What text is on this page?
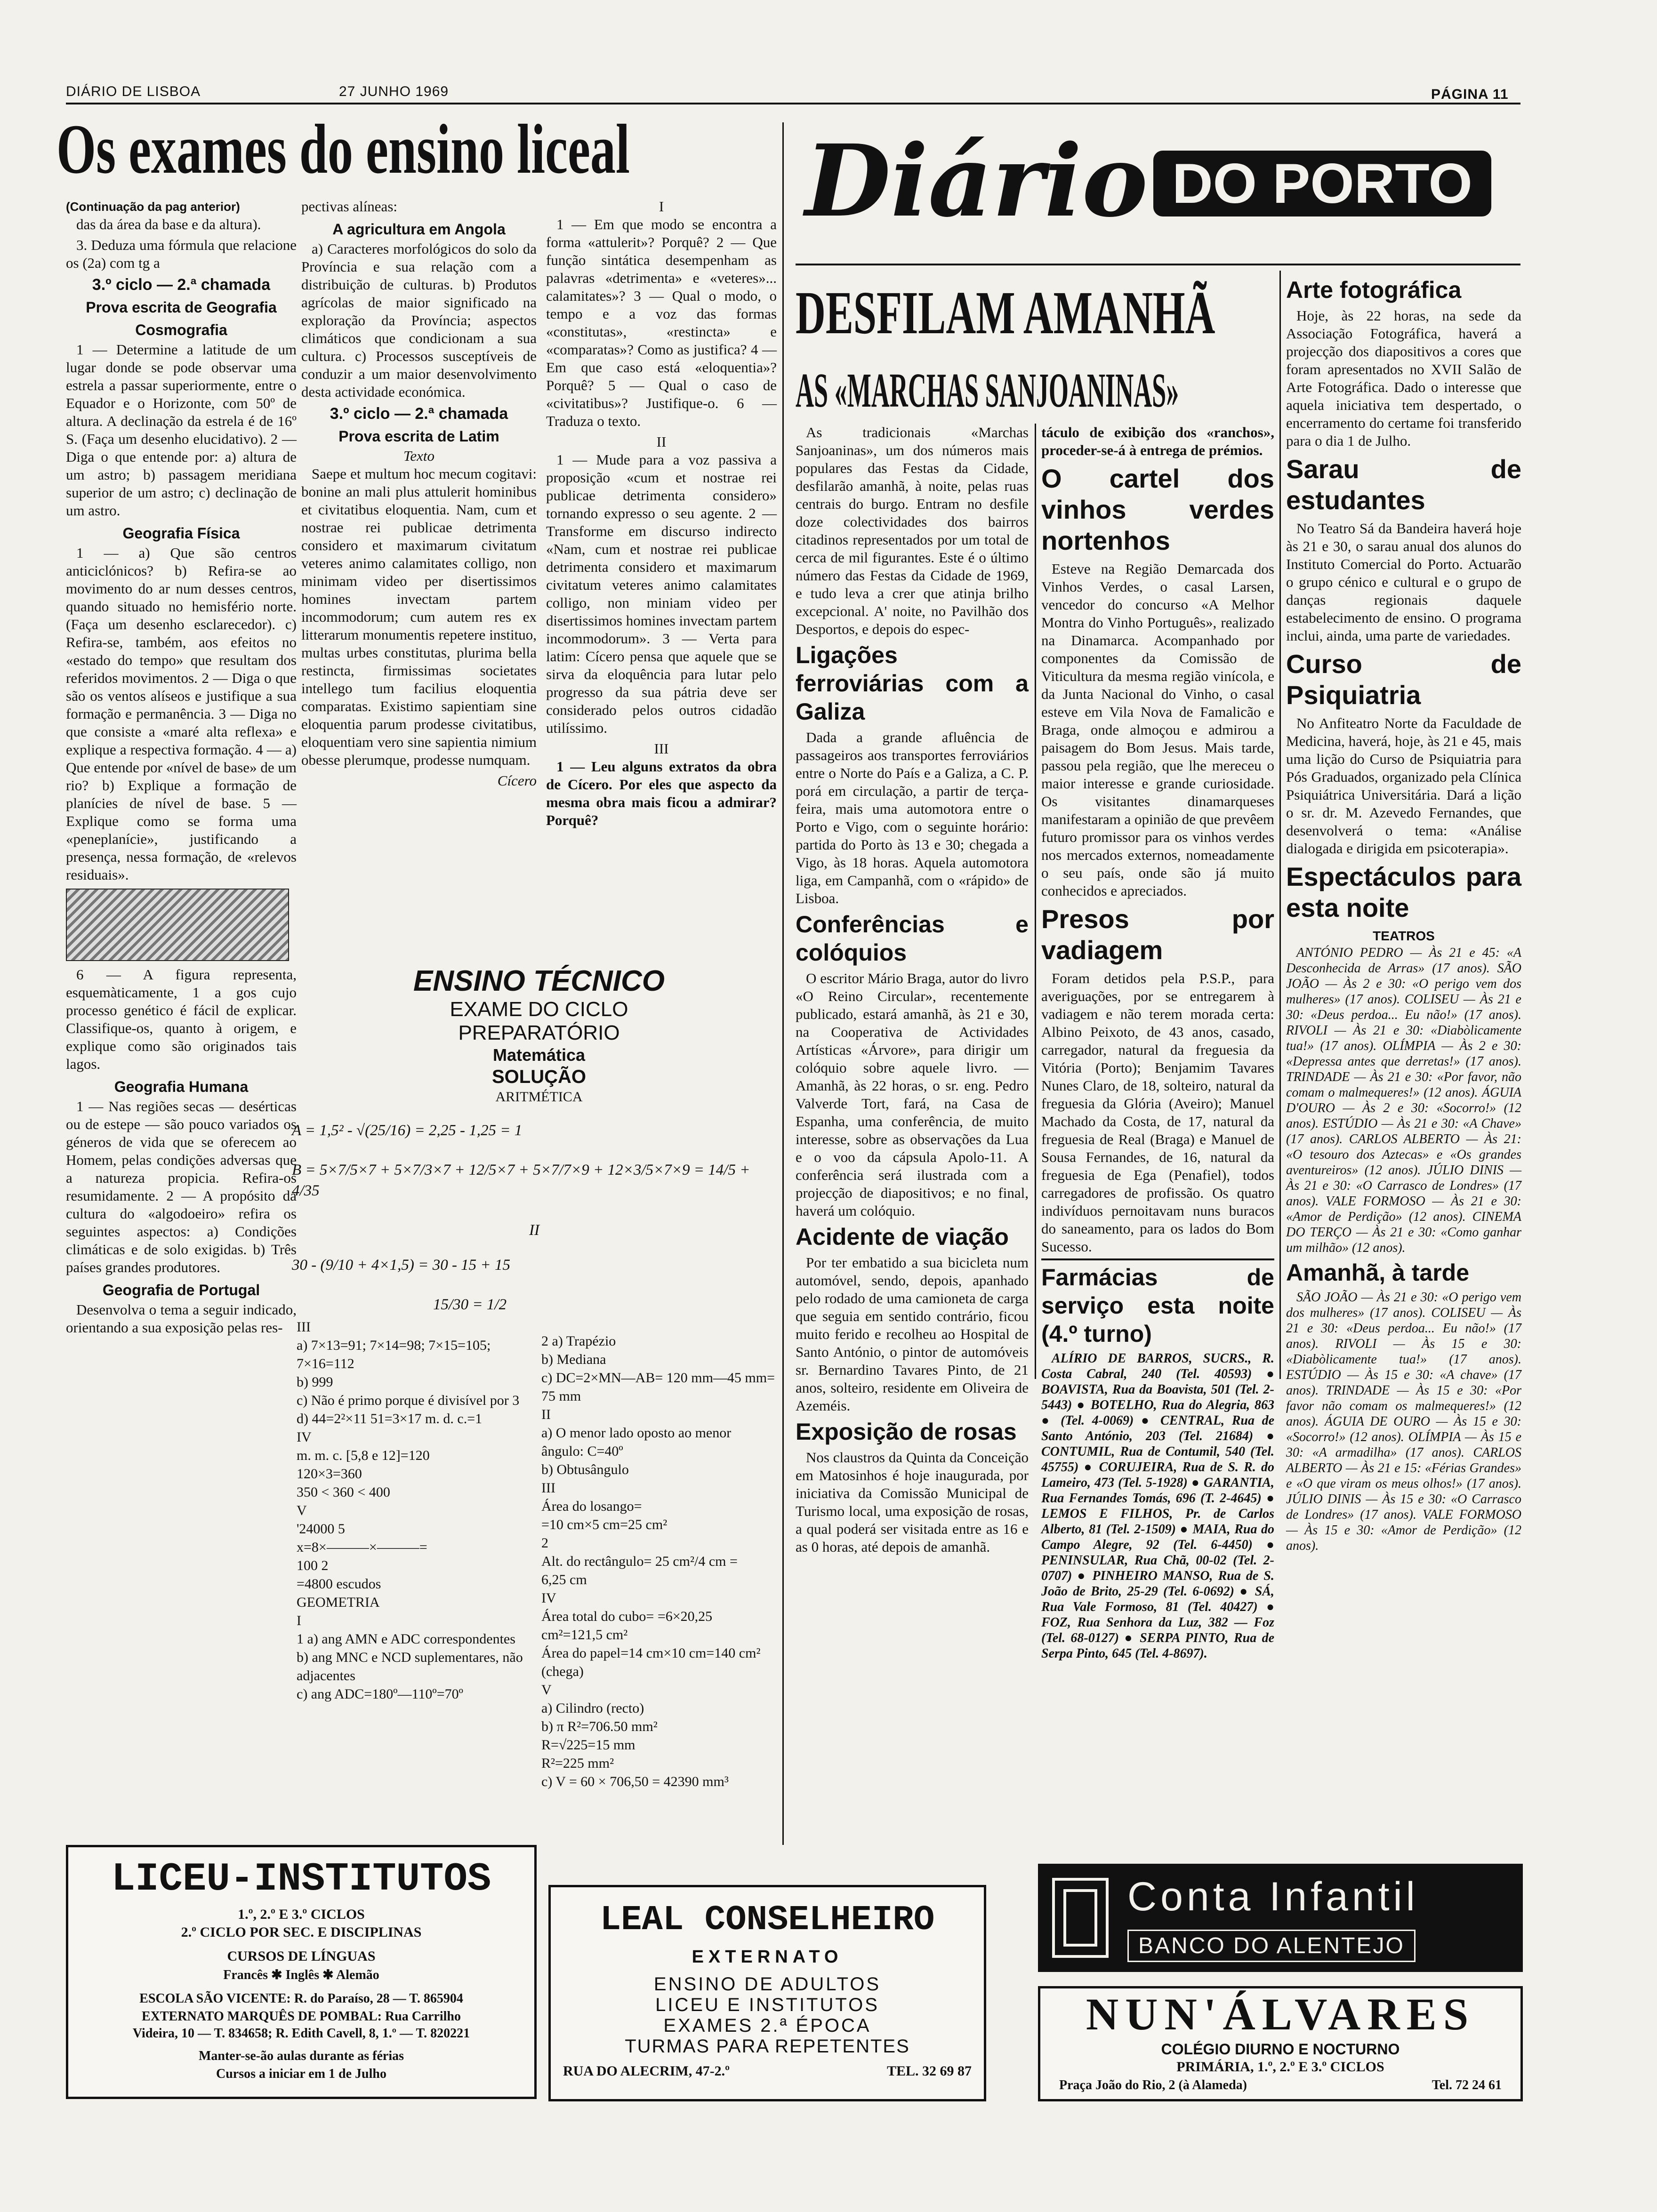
DIÁRIO DE LISBOA	27 JUNHO 1969	PÁGINA 11
Os exames do ensino liceal
(Continuação da pag anterior)

das da área da base e da altura).

3. Deduza uma fórmula que relacione os (2a) com tg a

3.º ciclo — 2.ª chamada
Prova escrita de Geografia
Cosmografia

1 — Determine a latitude de um lugar donde se pode observar uma estrela a passar superiormente, entre o Equador e o Horizonte, com 50º de altura. A declinação da estrela é de 16º S. (Faça um desenho elucidativo). 2 — Diga o que entende por: a) altura de um astro; b) passagem meridiana superior de um astro; c) declinação de um astro.

Geografia Física

1 — a) Que são centros anticiclónicos? b) Refira-se ao movimento do ar num desses centros, quando situado no hemisfério norte. (Faça um desenho esclarecedor). c) Refira-se, também, aos efeitos no «estado do tempo» que resultam dos referidos movimentos. 2 — Diga o que são os ventos alíseos e justifique a sua formação e permanência. 3 — Diga no que consiste a «maré alta reflexa» e explique a respectiva formação. 4 — a) Que entende por «nível de base» de um rio? b) Explique a formação de planícies de nível de base. 5 — Explique como se forma uma «peneplanície», justificando a presença, nessa formação, de «relevos residuais».

6 — A figura representa, esquemàticamente, 1 a gos cujo processo genético é fácil de explicar. Classifique-os, quanto à origem, e explique como são originados tais lagos.

Geografia Humana

1 — Nas regiões secas — desérticas ou de estepe — são pouco variados os géneros de vida que se oferecem ao Homem, pelas condições adversas que a natureza propicia. Refira-os resumidamente. 2 — A propósito da cultura do «algodoeiro» refira os seguintes aspectos: a) Condições climáticas e de solo exigidas. b) Três países grandes produtores.

Geografia de Portugal

Desenvolva o tema a seguir indicado, orientando a sua exposição pelas res-

pectivas alíneas:

A agricultura em Angola

a) Caracteres morfológicos do solo da Província e sua relação com a distribuição de culturas. b) Produtos agrícolas de maior significado na exploração da Província; aspectos climáticos que condicionam a sua cultura. c) Processos susceptíveis de conduzir a um maior desenvolvimento desta actividade económica.

3.º ciclo — 2.ª chamada
Prova escrita de Latim
Texto

Saepe et multum hoc mecum cogitavi: bonine an mali plus attulerit hominibus et civitatibus eloquentia. Nam, cum et nostrae rei publicae detrimenta considero et maximarum civitatum veteres animo calamitates colligo, non minimam video per disertissimos homines invectam partem incommodorum; cum autem res ex litterarum monumentis repetere instituo, multas urbes constitutas, plurima bella restincta, firmissimas societates intellego tum facilius eloquentia comparatas. Existimo sapientiam sine eloquentia parum prodesse civitatibus, eloquentiam vero sine sapientia nimium obesse plerumque, prodesse numquam.

Cícero
I

1 — Em que modo se encontra a forma «attulerit»? Porquê? 2 — Que função sintática desempenham as palavras «detrimenta» e «veteres»... calamitates»? 3 — Qual o modo, o tempo e a voz das formas «constitutas», «restincta» e «comparatas»? Como as justifica? 4 — Em que caso está «eloquentia»? Porquê? 5 — Qual o caso de «civitatibus»? Justifique-o. 6 — Traduza o texto.

II

1 — Mude para a voz passiva a proposição «cum et nostrae rei publicae detrimenta considero» tornando expresso o seu agente. 2 — Transforme em discurso indirecto «Nam, cum et nostrae rei publicae detrimenta considero et maximarum civitatum veteres animo calamitates colligo, non miniam video per disertissimos homines invectam partem incommodorum». 3 — Verta para latim: Cícero pensa que aquele que se sirva da eloquência para lutar pelo progresso da sua pátria deve ser considerado pelos outros cidadão utilíssimo.

III

1 — Leu alguns extratos da obra de Cícero. Por eles que aspecto da mesma obra mais ficou a admirar? Porquê?

ENSINO TÉCNICO
EXAME DO CICLO
PREPARATÓRIO
Matemática
SOLUÇÃO
ARITMÉTICA
A = 1,5² - √(25/16) = 2,25 - 1,25 = 1
B = 5×7/5×7 + 5×7/3×7 + 12/5×7 + 5×7/7×9 + 12×3/5×7×9 = 14/5 + 4/35
II
30 - (9/10 + 4×1,5) = 30 - 15 + 15
15/30 = 1/2
III
a) 7×13=91; 7×14=98; 7×15=105; 7×16=112
b) 999
c) Não é primo porque é divisível por 3
d) 44=2²×11 51=3×17 m. d. c.=1
IV
m. m. c. [5,8 e 12]=120
120×3=360
350 < 360 < 400
V
'24000 5
x=8×———×———=
100 2
=4800 escudos
GEOMETRIA
I
1 a) ang AMN e ADC correspondentes
b) ang MNC e NCD suplementares, não adjacentes
c) ang ADC=180º—110º=70º
2 a) Trapézio
b) Mediana
c) DC=2×MN—AB= 120 mm—45 mm= 75 mm
II
a) O menor lado oposto ao menor ângulo: C=40º
b) Obtusângulo
III
Área do losango=
=10 cm×5 cm=25 cm²
2
Alt. do rectângulo= 25 cm²/4 cm =
6,25 cm
IV
Área total do cubo= =6×20,25 cm²=121,5 cm²
Área do papel=14 cm×10 cm=140 cm² (chega)
V
a) Cilindro (recto)
b) π R²=706.50 mm²
R=√225=15 mm
R²=225 mm²
c) V = 60 × 706,50 = 42390 mm³
LICEU-INSTITUTOS
1.º, 2.º E 3.º CICLOS
2.º CICLO POR SEC. E DISCIPLINAS
CURSOS DE LÍNGUAS
Francês ✱ Inglês ✱ Alemão
ESCOLA SÃO VICENTE: R. do Paraíso, 28 — T. 865904
EXTERNATO MARQUÊS DE POMBAL: Rua Carrilho
Videira, 10 — T. 834658; R. Edith Cavell, 8, 1.º — T. 820221
Manter-se-ão aulas durante as férias
Cursos a iniciar em 1 de Julho
LEAL CONSELHEIRO
EXTERNATO
ENSINO DE ADULTOS
LICEU E INSTITUTOS
EXAMES 2.ª ÉPOCA
TURMAS PARA REPETENTES
RUA DO ALECRIM, 47-2.º	TEL. 32 69 87
Diário DO PORTO
DESFILAM AMANHÃ
AS «MARCHAS SANJOANINAS»

As tradicionais «Marchas Sanjoaninas», um dos números mais populares das Festas da Cidade, desfilarão amanhã, à noite, pelas ruas centrais do burgo. Entram no desfile doze colectividades dos bairros citadinos representados por um total de cerca de mil figurantes. Este é o último número das Festas da Cidade de 1969, e tudo leva a crer que atinja brilho excepcional. A' noite, no Pavilhão dos Desportos, e depois do espec-

Ligações ferroviárias com a Galiza

Dada a grande afluência de passageiros aos transportes ferroviários entre o Norte do País e a Galiza, a C. P. porá em circulação, a partir de terça-feira, mais uma automotora entre o Porto e Vigo, com o seguinte horário: partida do Porto às 13 e 30; chegada a Vigo, às 18 horas. Aquela automotora liga, em Campanhã, com o «rápido» de Lisboa.

Conferências e colóquios

O escritor Mário Braga, autor do livro «O Reino Circular», recentemente publicado, estará amanhã, às 21 e 30, na Cooperativa de Actividades Artísticas «Árvore», para dirigir um colóquio sobre aquele livro. — Amanhã, às 22 horas, o sr. eng. Pedro Valverde Tort, fará, na Casa de Espanha, uma conferência, de muito interesse, sobre as observações da Lua e o voo da cápsula Apolo-11. A conferência será ilustrada com a projecção de diapositivos; e no final, haverá um colóquio.

Acidente de viação

Por ter embatido a sua bicicleta num automóvel, sendo, depois, apanhado pelo rodado de uma camioneta de carga que seguia em sentido contrário, ficou muito ferido e recolheu ao Hospital de Santo António, o pintor de automóveis sr. Bernardino Tavares Pinto, de 21 anos, solteiro, residente em Oliveira de Azeméis.

Exposição de rosas

Nos claustros da Quinta da Conceição em Matosinhos é hoje inaugurada, por iniciativa da Comissão Municipal de Turismo local, uma exposição de rosas, a qual poderá ser visitada entre as 16 e as 0 horas, até depois de amanhã.

táculo de exibição dos «ranchos», proceder-se-á à entrega de prémios.

O cartel dos vinhos verdes nortenhos

Esteve na Região Demarcada dos Vinhos Verdes, o casal Larsen, vencedor do concurso «A Melhor Montra do Vinho Português», realizado na Dinamarca. Acompanhado por componentes da Comissão de Viticultura da mesma região vinícola, e da Junta Nacional do Vinho, o casal esteve em Vila Nova de Famalicão e Braga, onde almoçou e admirou a paisagem do Bom Jesus. Mais tarde, passou pela região, que lhe mereceu o maior interesse e grande curiosidade. Os visitantes dinamarqueses manifestaram a opinião de que prevêem futuro promissor para os vinhos verdes nos mercados externos, nomeadamente o seu país, onde são já muito conhecidos e apreciados.

Presos por vadiagem

Foram detidos pela P.S.P., para averiguações, por se entregarem à vadiagem e não terem morada certa: Albino Peixoto, de 43 anos, casado, carregador, natural da freguesia da Vitória (Porto); Benjamim Tavares Nunes Claro, de 18, solteiro, natural da freguesia da Glória (Aveiro); Manuel Machado da Costa, de 17, natural da freguesia de Real (Braga) e Manuel de Sousa Fernandes, de 16, natural da freguesia de Ega (Penafiel), todos carregadores de profissão. Os quatro indivíduos pernoitavam nuns buracos do saneamento, para os lados do Bom Sucesso.

Farmácias de serviço esta noite (4.º turno)

ALÍRIO DE BARROS, SUCRS., R. Costa Cabral, 240 (Tel. 40593) ● BOAVISTA, Rua da Boavista, 501 (Tel. 2-5443) ● BOTELHO, Rua do Alegria, 863 ● (Tel. 4-0069) ● CENTRAL, Rua de Santo António, 203 (Tel. 21684) ● CONTUMIL, Rua de Contumil, 540 (Tel. 45755) ● CORUJEIRA, Rua de S. R. do Lameiro, 473 (Tel. 5-1928) ● GARANTIA, Rua Fernandes Tomás, 696 (T. 2-4645) ● LEMOS E FILHOS, Pr. de Carlos Alberto, 81 (Tel. 2-1509) ● MAIA, Rua do Campo Alegre, 92 (Tel. 6-4450) ● PENINSULAR, Rua Chã, 00-02 (Tel. 2-0707) ● PINHEIRO MANSO, Rua de S. João de Brito, 25-29 (Tel. 6-0692) ● SÁ, Rua Vale Formoso, 81 (Tel. 40427) ● FOZ, Rua Senhora da Luz, 382 — Foz (Tel. 68-0127) ● SERPA PINTO, Rua de Serpa Pinto, 645 (Tel. 4-8697).

Arte fotográfica

Hoje, às 22 horas, na sede da Associação Fotográfica, haverá a projecção dos diapositivos a cores que foram apresentados no XVII Salão de Arte Fotográfica. Dado o interesse que aquela iniciativa tem despertado, o encerramento do certame foi transferido para o dia 1 de Julho.

Sarau de estudantes

No Teatro Sá da Bandeira haverá hoje às 21 e 30, o sarau anual dos alunos do Instituto Comercial do Porto. Actuarão o grupo cénico e cultural e o grupo de danças regionais daquele estabelecimento de ensino. O programa inclui, ainda, uma parte de variedades.

Curso de Psiquiatria

No Anfiteatro Norte da Faculdade de Medicina, haverá, hoje, às 21 e 45, mais uma lição do Curso de Psiquiatria para Pós Graduados, organizado pela Clínica Psiquiátrica Universitária. Dará a lição o sr. dr. M. Azevedo Fernandes, que desenvolverá o tema: «Análise dialogada e dirigida em psicoterapia».

Espectáculos para esta noite
TEATROS

ANTÓNIO PEDRO — Às 21 e 45: «A Desconhecida de Arras» (17 anos). SÃO JOÃO — Às 2 e 30: «O perigo vem dos mulheres» (17 anos). COLISEU — Às 21 e 30: «Deus perdoa... Eu não!» (17 anos). RIVOLI — Às 21 e 30: «Diabòlicamente tua!» (17 anos). OLÍMPIA — Às 2 e 30: «Depressa antes que derretas!» (17 anos). TRINDADE — Às 21 e 30: «Por favor, não comam o malmequeres!» (12 anos). ÁGUIA D'OURO — Às 2 e 30: «Socorro!» (12 anos). ESTÚDIO — Às 21 e 30: «A Chave» (17 anos). CARLOS ALBERTO — Às 21: «O tesouro dos Aztecas» e «Os grandes aventureiros» (12 anos). JÚLIO DINIS — Às 21 e 30: «O Carrasco de Londres» (17 anos). VALE FORMOSO — Às 21 e 30: «Amor de Perdição» (12 anos). CINEMA DO TERÇO — Às 21 e 30: «Como ganhar um milhão» (12 anos).

Amanhã, à tarde

SÃO JOÃO — Às 21 e 30: «O perigo vem dos mulheres» (17 anos). COLISEU — Às 21 e 30: «Deus perdoa... Eu não!» (17 anos). RIVOLI — Às 15 e 30: «Diabòlicamente tua!» (17 anos). ESTÚDIO — Às 15 e 30: «A chave» (17 anos). TRINDADE — Às 15 e 30: «Por favor não comam os malmequeres!» (12 anos). ÁGUIA DE OURO — Às 15 e 30: «Socorro!» (12 anos). OLÍMPIA — Às 15 e 30: «A armadilha» (17 anos). CARLOS ALBERTO — Às 21 e 15: «Férias Grandes» e «O que viram os meus olhos!» (17 anos). JÚLIO DINIS — Às 15 e 30: «O Carrasco de Londres» (17 anos). VALE FORMOSO — Às 15 e 30: «Amor de Perdição» (12 anos).

Conta Infantil
BANCO DO ALENTEJO
NUN'ÁLVARES
COLÉGIO DIURNO E NOCTURNO
PRIMÁRIA, 1.º, 2.º E 3.º CICLOS
Praça João do Rio, 2 (à Alameda)	Tel. 72 24 61
